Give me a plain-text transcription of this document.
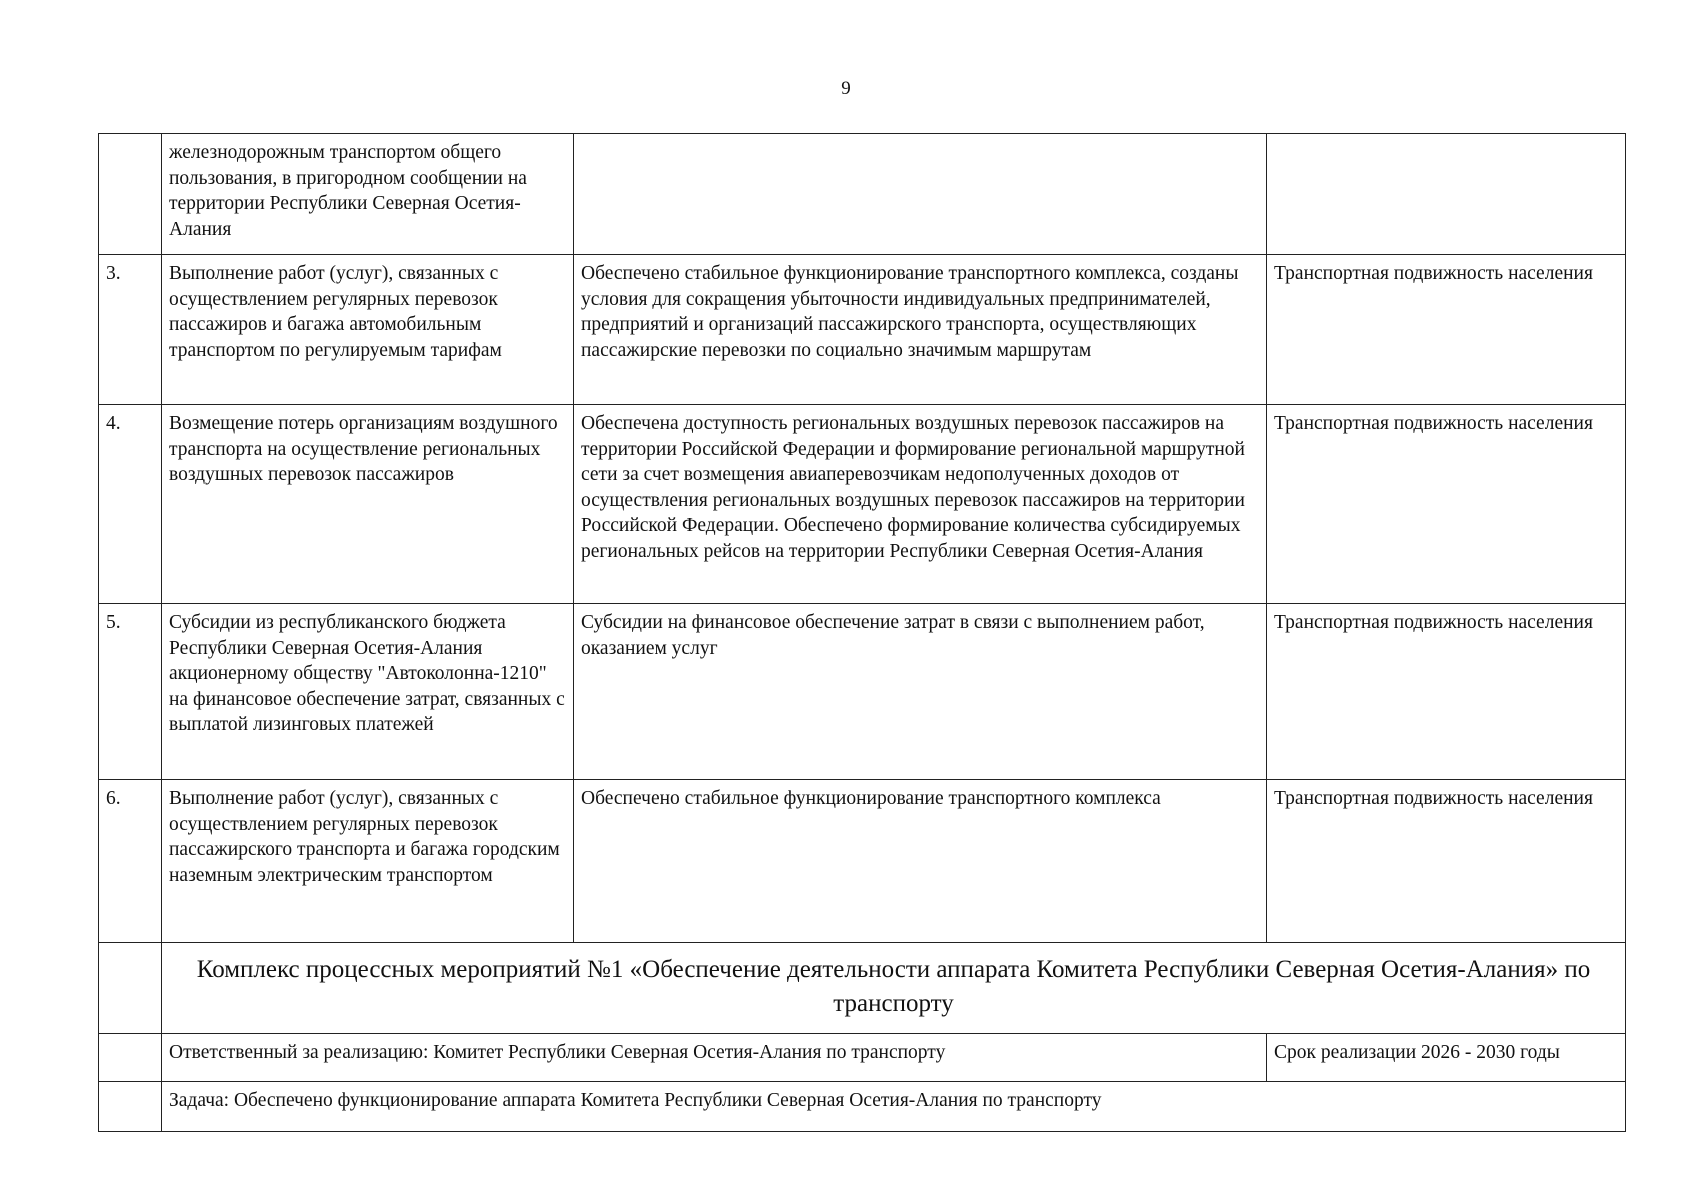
9
	железнодорожным транспортом общего пользования, в пригородном сообщении на территории Республики Северная Осетия-Алания		
3.	Выполнение работ (услуг), связанных с осуществлением регулярных перевозок пассажиров и багажа автомобильным транспортом по регулируемым тарифам	Обеспечено стабильное функционирование транспортного комплекса, созданы условия для сокращения убыточности индивидуальных предпринимателей, предприятий и организаций пассажирского транспорта, осуществляющих пассажирские перевозки по социально значимым маршрутам	Транспортная подвижность населения
4.	Возмещение потерь организациям воздушного транспорта на осуществление региональных воздушных перевозок пассажиров	Обеспечена доступность региональных воздушных перевозок пассажиров на территории Российской Федерации и формирование региональной маршрутной сети за счет возмещения авиаперевозчикам недополученных доходов от осуществления региональных воздушных перевозок пассажиров на территории Российской Федерации. Обеспечено формирование количества субсидируемых региональных рейсов на территории Республики Северная Осетия-Алания	Транспортная подвижность населения
5.	Субсидии из республиканского бюджета Республики Северная Осетия-Алания акционерному обществу "Автоколонна-1210" на финансовое обеспечение затрат, связанных с выплатой лизинговых платежей	Субсидии на финансовое обеспечение затрат в связи с выполнением работ, оказанием услуг	Транспортная подвижность населения
6.	Выполнение работ (услуг), связанных с осуществлением регулярных перевозок пассажирского транспорта и багажа городским наземным электрическим транспортом	Обеспечено стабильное функционирование транспортного комплекса	Транспортная подвижность населения
	Комплекс процессных мероприятий №1 «Обеспечение деятельности аппарата Комитета Республики Северная Осетия-Алания» по транспорту		
	Ответственный за реализацию: Комитет Республики Северная Осетия-Алания по транспорту		Срок реализации 2026 - 2030 годы
	Задача: Обеспечено функционирование аппарата Комитета Республики Северная Осетия-Алания по транспорту		
